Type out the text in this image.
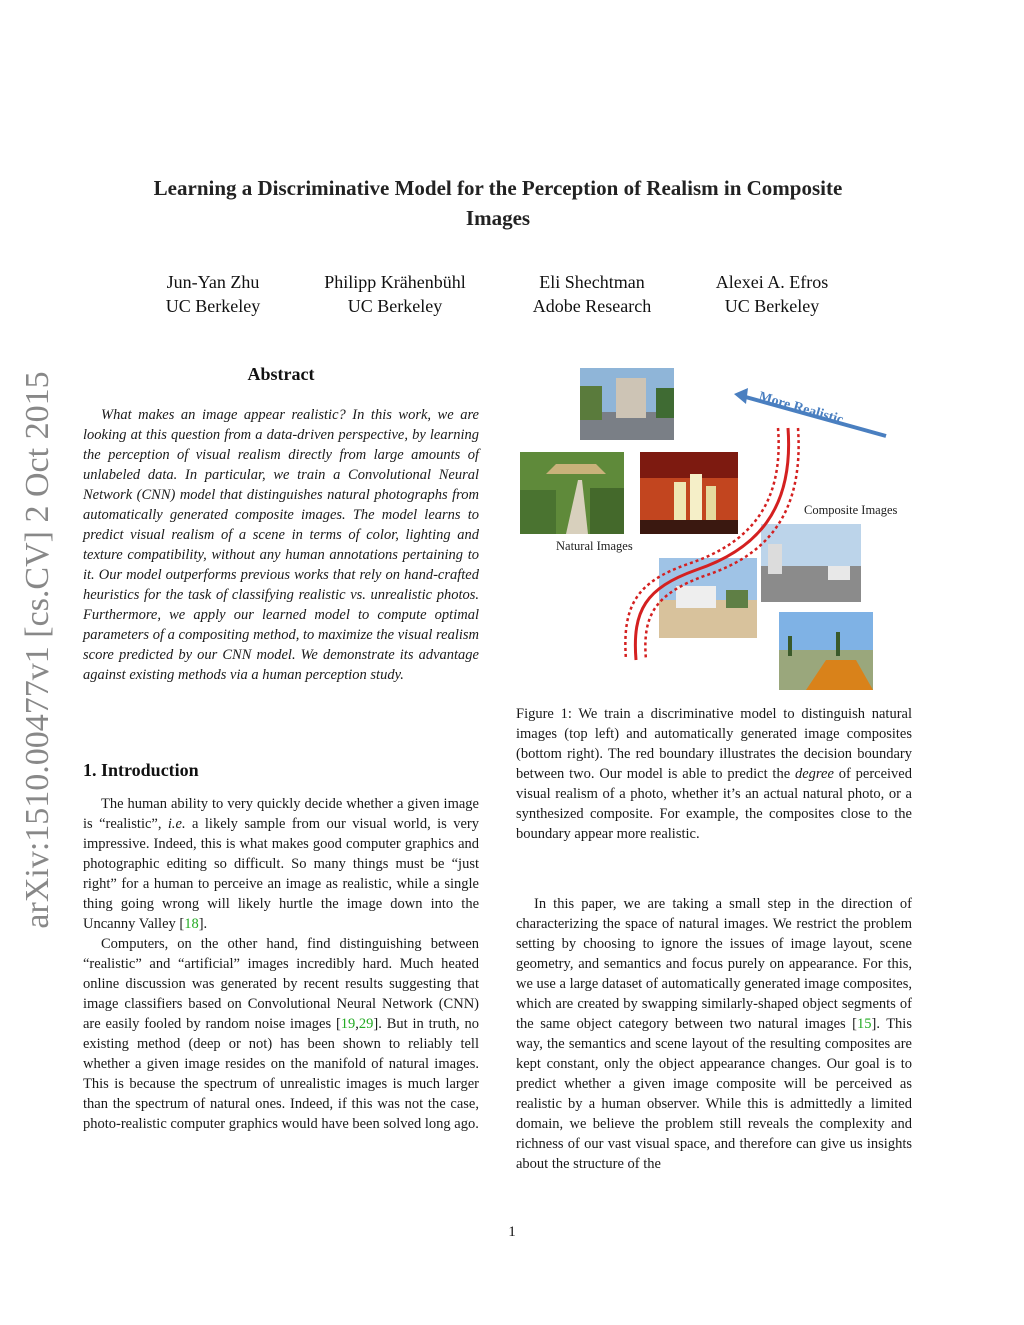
arXiv:1510.00477v1 [cs.CV] 2 Oct 2015
Learning a Discriminative Model for the Perception of Realism in Composite Images
Jun-Yan Zhu
UC Berkeley
Philipp Krähenbühl
UC Berkeley
Eli Shechtman
Adobe Research
Alexei A. Efros
UC Berkeley
Abstract

What makes an image appear realistic? In this work, we are looking at this question from a data-driven perspective, by learning the perception of visual realism directly from large amounts of unlabeled data. In particular, we train a Convolutional Neural Network (CNN) model that distinguishes natural photographs from automatically generated composite images. The model learns to predict visual realism of a scene in terms of color, lighting and texture compatibility, without any human annotations pertaining to it. Our model outperforms previous works that rely on hand-crafted heuristics for the task of classifying realistic vs. unrealistic photos. Furthermore, we apply our learned model to compute optimal parameters of a compositing method, to maximize the visual realism score predicted by our CNN model. We demonstrate its advantage against existing methods via a human perception study.

1. Introduction

The human ability to very quickly decide whether a given image is “realistic”, i.e. a likely sample from our visual world, is very impressive. Indeed, this is what makes good computer graphics and photographic editing so difficult. So many things must be “just right” for a human to perceive an image as realistic, while a single thing going wrong will likely hurtle the image down into the Uncanny Valley [18].

Computers, on the other hand, find distinguishing between “realistic” and “artificial” images incredibly hard. Much heated online discussion was generated by recent results suggesting that image classifiers based on Convolutional Neural Network (CNN) are easily fooled by random noise images [19,29]. But in truth, no existing method (deep or not) has been shown to reliably tell whether a given image resides on the manifold of natural images. This is because the spectrum of unrealistic images is much larger than the spectrum of natural ones. Indeed, if this was not the case, photo-realistic computer graphics would have been solved long ago.

More Realistic
Composite Images
Natural Images

Figure 1: We train a discriminative model to distinguish natural images (top left) and automatically generated image composites (bottom right). The red boundary illustrates the decision boundary between two. Our model is able to predict the degree of perceived visual realism of a photo, whether it’s an actual natural photo, or a synthesized composite. For example, the composites close to the boundary appear more realistic.

In this paper, we are taking a small step in the direction of characterizing the space of natural images. We restrict the problem setting by choosing to ignore the issues of image layout, scene geometry, and semantics and focus purely on appearance. For this, we use a large dataset of automatically generated image composites, which are created by swapping similarly-shaped object segments of the same object category between two natural images [15]. This way, the semantics and scene layout of the resulting composites are kept constant, only the object appearance changes. Our goal is to predict whether a given image composite will be perceived as realistic by a human observer. While this is admittedly a limited domain, we believe the problem still reveals the complexity and richness of our vast visual space, and therefore can give us insights about the structure of the

1
